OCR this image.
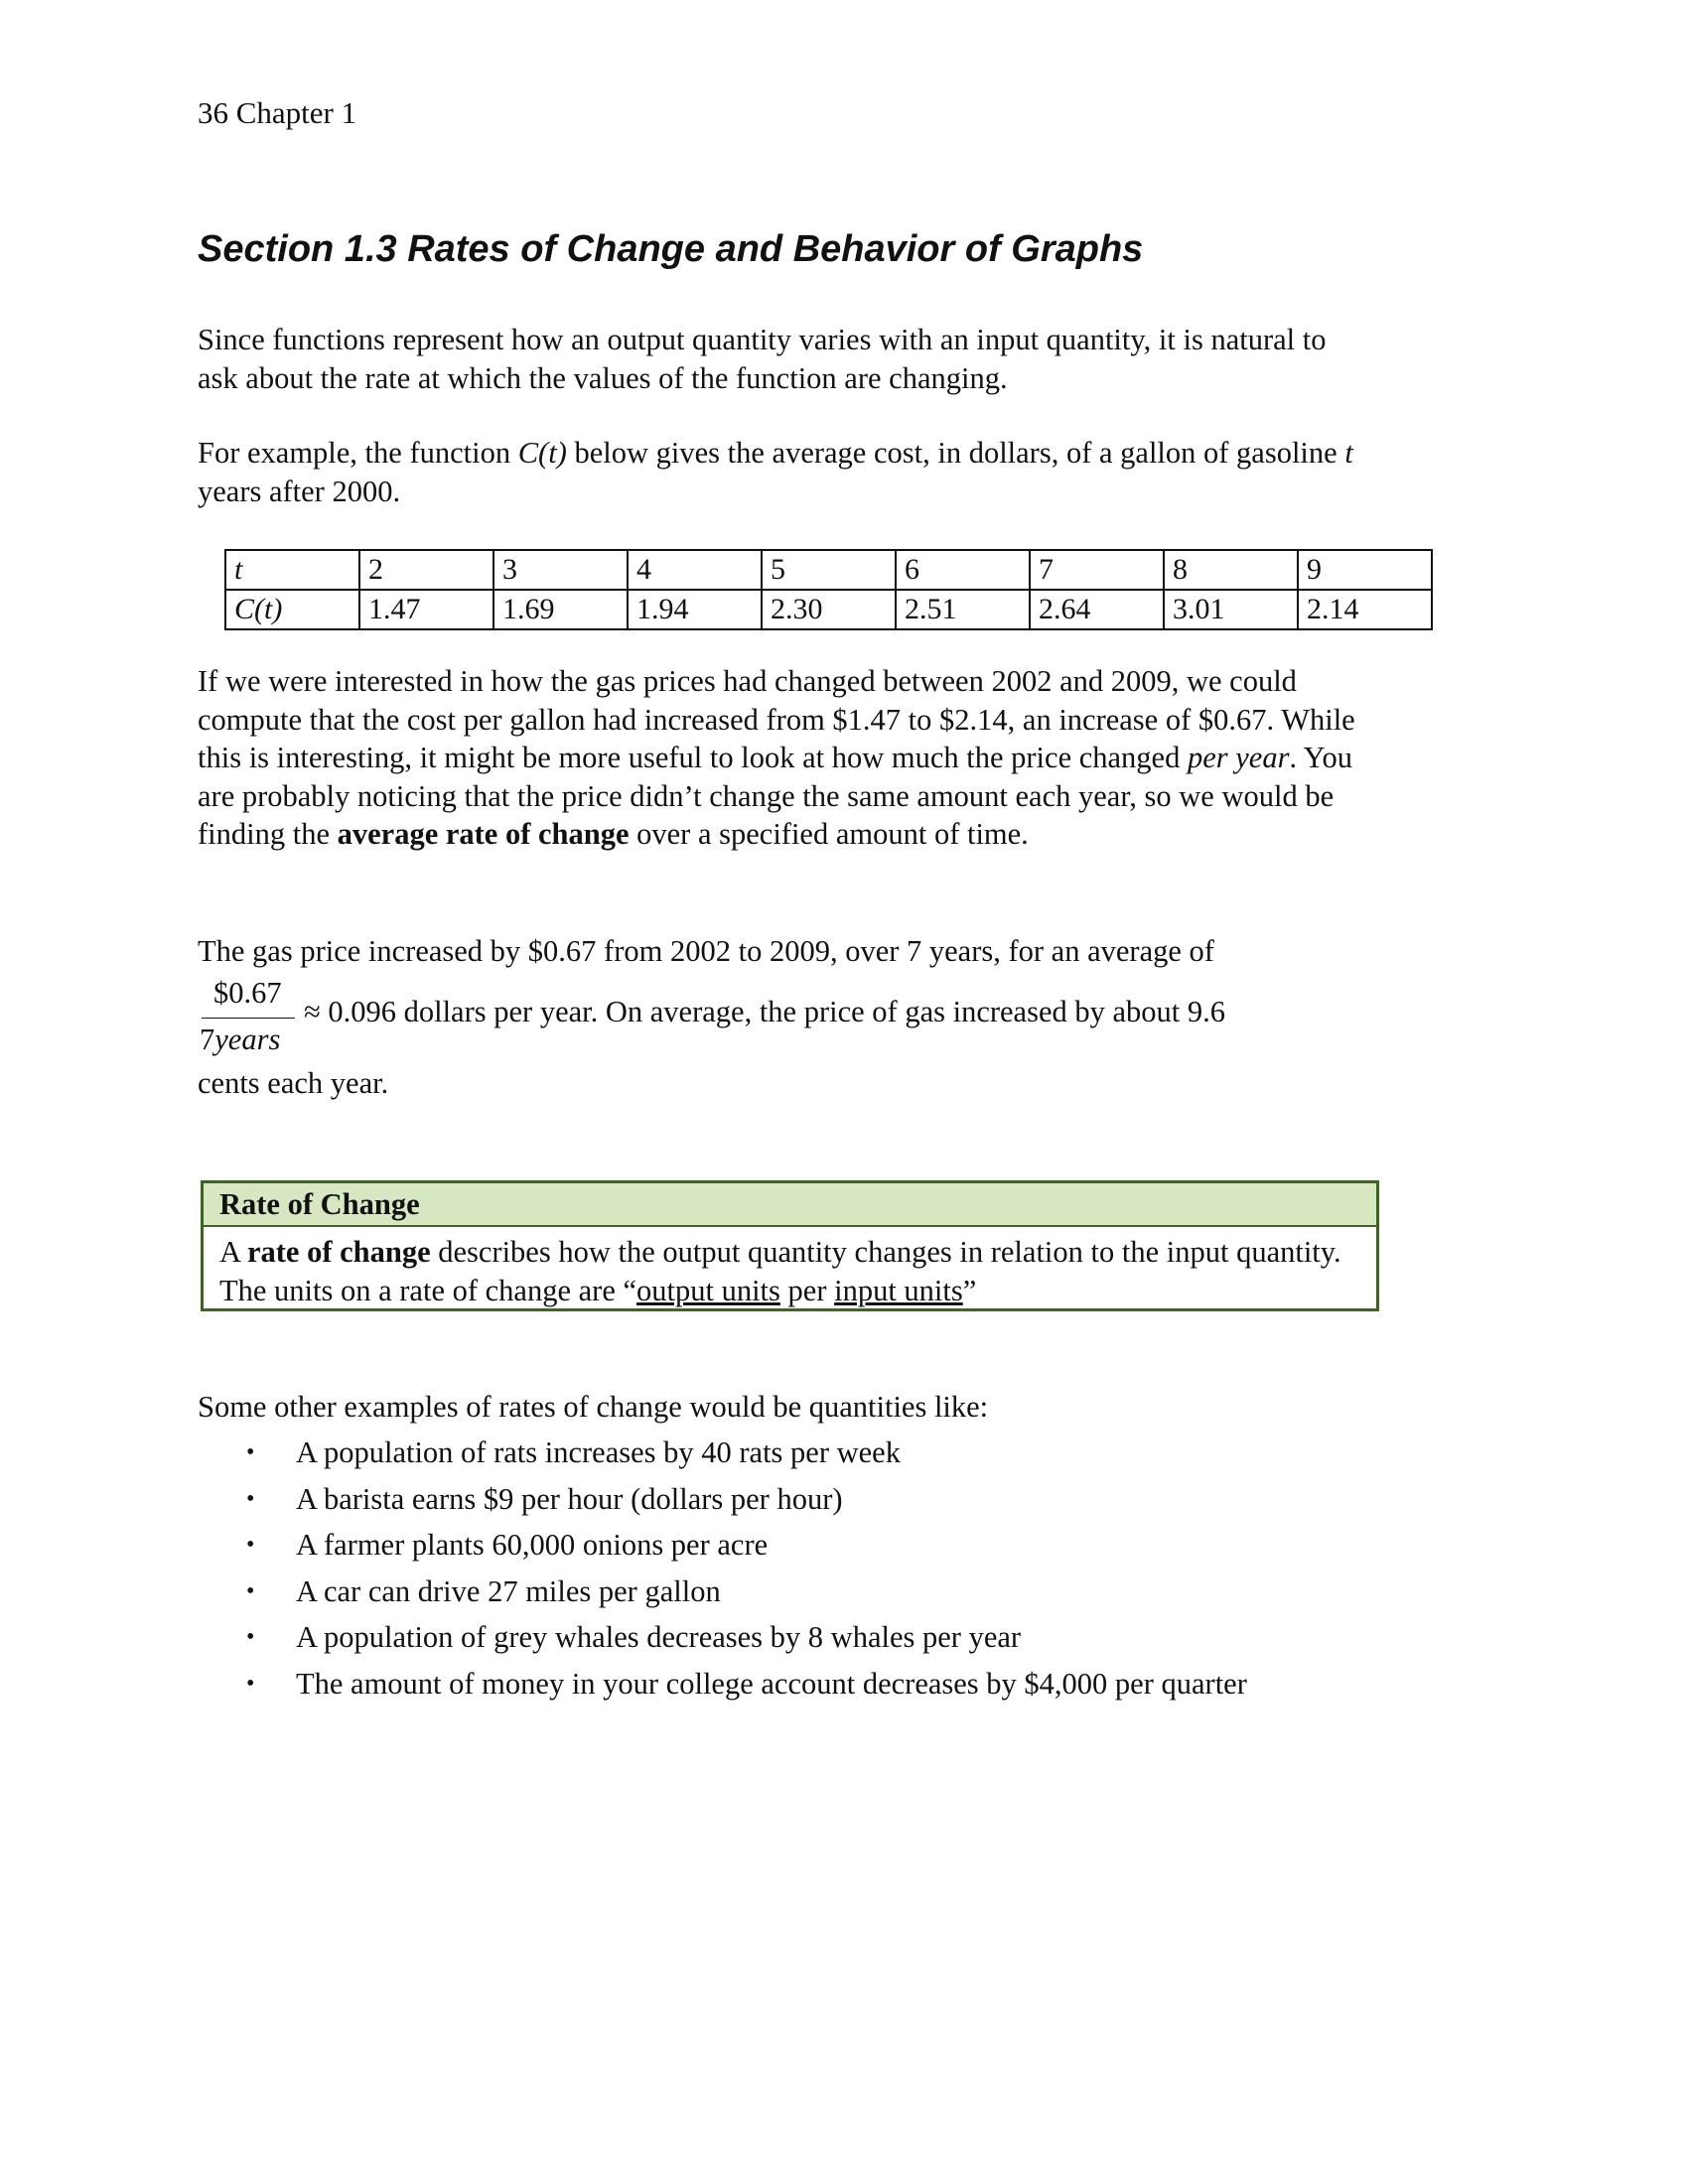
36 Chapter 1
Section 1.3 Rates of Change and Behavior of Graphs

Since functions represent how an output quantity varies with an input quantity, it is natural to ask about the rate at which the values of the function are changing.

For example, the function C(t) below gives the average cost, in dollars, of a gallon of gasoline t years after 2000.

t	2	3	4	5	6	7	8	9
C(t)	1.47	1.69	1.94	2.30	2.51	2.64	3.01	2.14

If we were interested in how the gas prices had changed between 2002 and 2009, we could compute that the cost per gallon had increased from $1.47 to $2.14, an increase of $0.67. While this is interesting, it might be more useful to look at how much the price changed per year. You are probably noticing that the price didn’t change the same amount each year, so we would be finding the average rate of change over a specified amount of time.

The gas price increased by $0.67 from 2002 to 2009, over 7 years, for an average of

$0.67
7years
≈ 0.096 dollars per year. On average, the price of gas increased by about 9.6
cents each year.
Rate of Change
A rate of change describes how the output quantity changes in relation to the input quantity. The units on a rate of change are “output units per input units”
Some other examples of rates of change would be quantities like:
• A population of rats increases by 40 rats per week
• A barista earns $9 per hour (dollars per hour)
• A farmer plants 60,000 onions per acre
• A car can drive 27 miles per gallon
• A population of grey whales decreases by 8 whales per year
• The amount of money in your college account decreases by $4,000 per quarter
